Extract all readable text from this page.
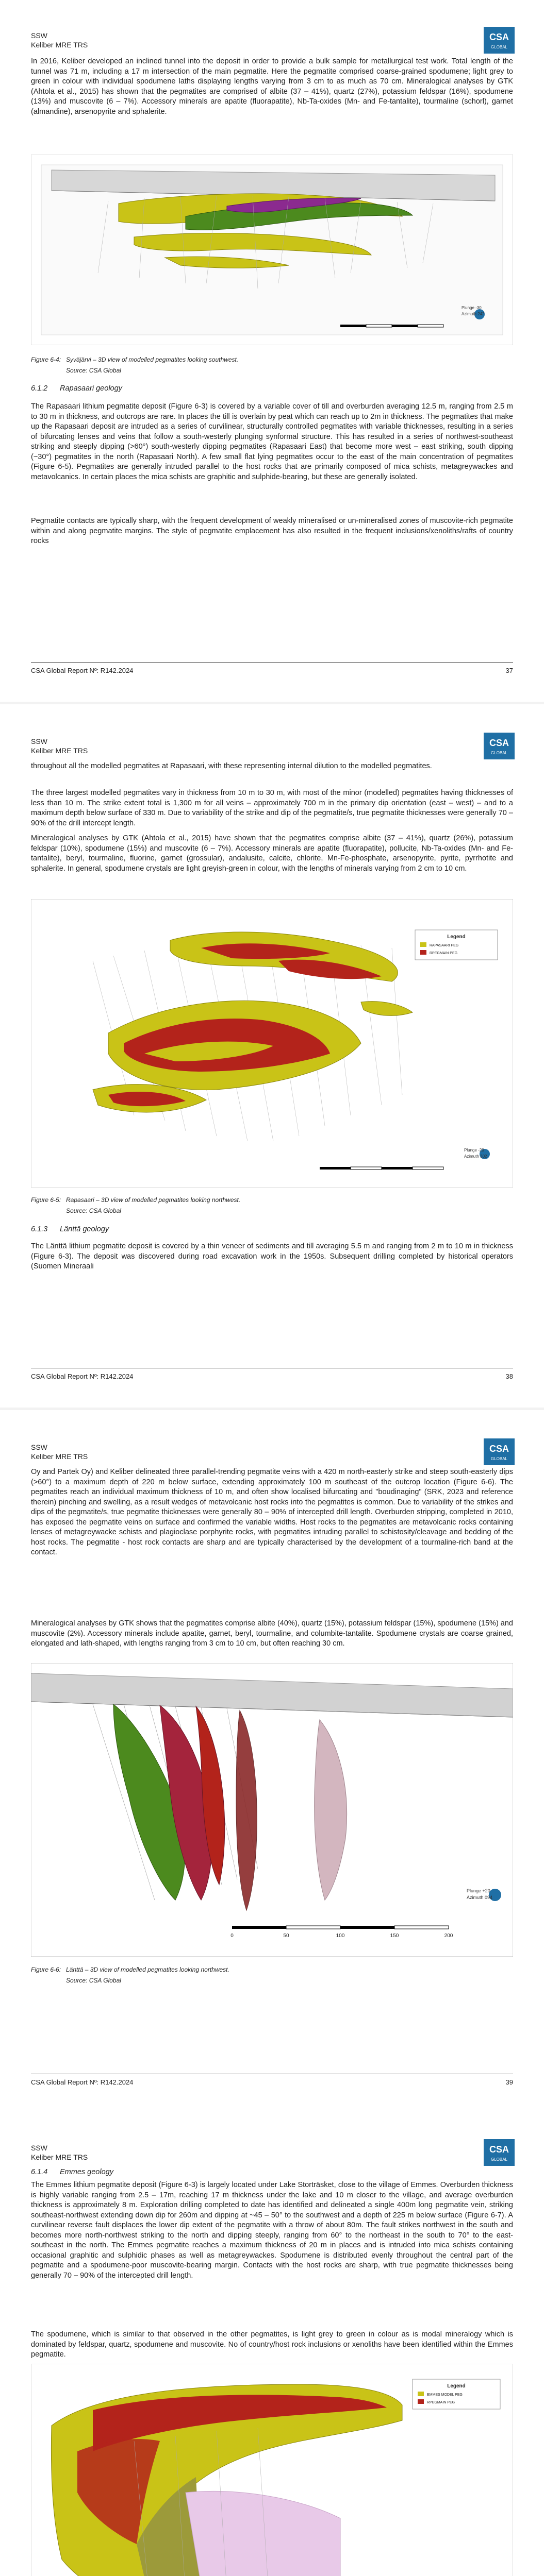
SSW
Keliber MRE TRS
CSA
GLOBAL

In 2016, Keliber developed an inclined tunnel into the deposit in order to provide a bulk sample for metallurgical test work. Total length of the tunnel was 71 m, including a 17 m intersection of the main pegmatite. Here the pegmatite comprised coarse-grained spodumene; light grey to green in colour with individual spodumene laths displaying lengths varying from 3 cm to as much as 70 cm. Mineralogical analyses by GTK (Ahtola et al., 2015) has shown that the pegmatites are comprised of albite (37 – 41%), quartz (27%), potassium feldspar (16%), spodumene (13%) and muscovite (6 – 7%). Accessory minerals are apatite (fluorapatite), Nb-Ta-oxides (Mn- and Fe-tantalite), tourmaline (schorl), garnet (almandine), arsenopyrite and sphalerite.

Plunge -30
Azimuth 242
Figure 6-4: Syväjärvi – 3D view of modelled pegmatites looking southwest.
Source: CSA Global
6.1.2 Rapasaari geology

The Rapasaari lithium pegmatite deposit (Figure 6-3) is covered by a variable cover of till and overburden averaging 12.5 m, ranging from 2.5 m to 30 m in thickness, and outcrops are rare. In places the till is overlain by peat which can reach up to 2m in thickness. The pegmatites that make up the Rapasaari deposit are intruded as a series of curvilinear, structurally controlled pegmatites with variable thicknesses, resulting in a series of bifurcating lenses and veins that follow a south-westerly plunging synformal structure. This has resulted in a series of northwest-southeast striking and steeply dipping (>60°) south-westerly dipping pegmatites (Rapasaari East) that become more west – east striking, south dipping (~30°) pegmatites in the north (Rapasaari North). A few small flat lying pegmatites occur to the east of the main concentration of pegmatites (Figure 6-5). Pegmatites are generally intruded parallel to the host rocks that are primarily composed of mica schists, metagreywackes and metavolcanics. In certain places the mica schists are graphitic and sulphide-bearing, but these are generally isolated.

Pegmatite contacts are typically sharp, with the frequent development of weakly mineralised or un-mineralised zones of muscovite-rich pegmatite within and along pegmatite margins. The style of pegmatite emplacement has also resulted in the frequent inclusions/xenoliths/rafts of country rocks

CSA Global Report Nº: R142.2024	37
SSW
Keliber MRE TRS
CSA
GLOBAL

throughout all the modelled pegmatites at Rapasaari, with these representing internal dilution to the modelled pegmatites.

The three largest modelled pegmatites vary in thickness from 10 m to 30 m, with most of the minor (modelled) pegmatites having thicknesses of less than 10 m. The strike extent total is 1,300 m for all veins – approximately 700 m in the primary dip orientation (east – west) – and to a maximum depth below surface of 330 m. Due to variability of the strike and dip of the pegmatite/s, true pegmatite thicknesses were generally 70 – 90% of the drill intercept length.

Mineralogical analyses by GTK (Ahtola et al., 2015) have shown that the pegmatites comprise albite (37 – 41%), quartz (26%), potassium feldspar (10%), spodumene (15%) and muscovite (6 – 7%). Accessory minerals are apatite (fluorapatite), pollucite, Nb-Ta-oxides (Mn- and Fe-tantalite), beryl, tourmaline, fluorine, garnet (grossular), andalusite, calcite, chlorite, Mn-Fe-phosphate, arsenopyrite, pyrite, pyrrhotite and sphalerite. In general, spodumene crystals are light greyish-green in colour, with the lengths of minerals varying from 2 cm to 10 cm.

Legend
RAPASAARI PEG
RPEGMAIN PEG
Plunge -20
Azimuth 302
Figure 6-5: Rapasaari – 3D view of modelled pegmatites looking northwest.
Source: CSA Global
6.1.3 Länttä geology

The Länttä lithium pegmatite deposit is covered by a thin veneer of sediments and till averaging 5.5 m and ranging from 2 m to 10 m in thickness (Figure 6-3). The deposit was discovered during road excavation work in the 1950s. Subsequent drilling completed by historical operators (Suomen Mineraali

CSA Global Report Nº: R142.2024	38
SSW
Keliber MRE TRS
CSA
GLOBAL

Oy and Partek Oy) and Keliber delineated three parallel-trending pegmatite veins with a 420 m north-easterly strike and steep south-easterly dips (>60°) to a maximum depth of 220 m below surface, extending approximately 100 m southeast of the outcrop location (Figure 6-6). The pegmatites reach an individual maximum thickness of 10 m, and often show localised bifurcating and "boudinaging" (SRK, 2023 and reference therein) pinching and swelling, as a result wedges of metavolcanic host rocks into the pegmatites is common. Due to variability of the strikes and dips of the pegmatite/s, true pegmatite thicknesses were generally 80 – 90% of intercepted drill length. Overburden stripping, completed in 2010, has exposed the pegmatite veins on surface and confirmed the variable widths. Host rocks to the pegmatites are metavolcanic rocks containing lenses of metagreywacke schists and plagioclase porphyrite rocks, with pegmatites intruding parallel to schistosity/cleavage and bedding of the host rocks. The pegmatite - host rock contacts are sharp and are typically characterised by the development of a tourmaline-rich band at the contact.

Mineralogical analyses by GTK shows that the pegmatites comprise albite (40%), quartz (15%), potassium feldspar (15%), spodumene (15%) and muscovite (2%). Accessory minerals include apatite, garnet, beryl, tourmaline, and columbite-tantalite. Spodumene crystals are coarse grained, elongated and lath-shaped, with lengths ranging from 3 cm to 10 cm, but often reaching 30 cm.

Plunge +20
Azimuth 094
0	50	100	150	200
Figure 6-6: Länttä – 3D view of modelled pegmatites looking northwest.
Source: CSA Global
CSA Global Report Nº: R142.2024	39
SSW
Keliber MRE TRS
CSA
GLOBAL
6.1.4 Emmes geology

The Emmes lithium pegmatite deposit (Figure 6-3) is largely located under Lake Storträsket, close to the village of Emmes. Overburden thickness is highly variable ranging from 2.5 – 17m, reaching 17 m thickness under the lake and 10 m closer to the village, and average overburden thickness is approximately 8 m. Exploration drilling completed to date has identified and delineated a single 400m long pegmatite vein, striking southeast-northwest extending down dip for 260m and dipping at ~45 – 50° to the southwest and a depth of 225 m below surface (Figure 6-7). A curvilinear reverse fault displaces the lower dip extent of the pegmatite with a throw of about 80m. The fault strikes northwest in the south and becomes more north-northwest striking to the north and dipping steeply, ranging from 60° to the northeast in the south to 70° to the east-southeast in the north. The Emmes pegmatite reaches a maximum thickness of 20 m in places and is intruded into mica schists containing occasional graphitic and sulphidic phases as well as metagreywackes. Spodumene is distributed evenly throughout the central part of the pegmatite and a spodumene-poor muscovite-bearing margin. Contacts with the host rocks are sharp, with true pegmatite thicknesses being generally 70 – 90% of the intercepted drill length.

The spodumene, which is similar to that observed in the other pegmatites, is light grey to green in colour as is modal mineralogy which is dominated by feldspar, quartz, spodumene and muscovite. No of country/host rock inclusions or xenoliths have been identified within the Emmes pegmatite.

Legend
EMMES MODEL PEG
RPEGMAIN PEG
